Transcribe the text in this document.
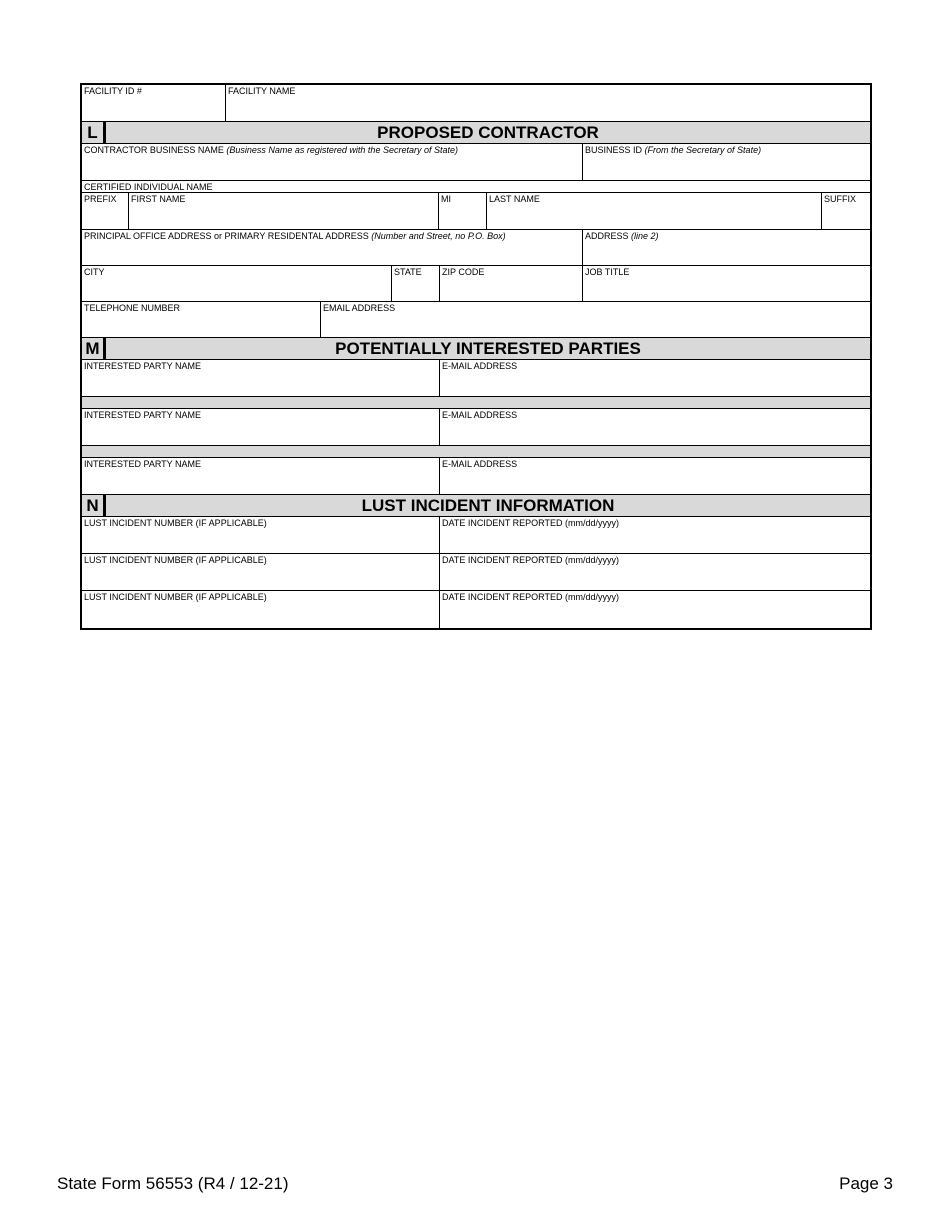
FACILITY ID #	FACILITY NAME
L	PROPOSED CONTRACTOR
CONTRACTOR BUSINESS NAME (Business Name as registered with the Secretary of State)	BUSINESS ID (From the Secretary of State)
CERTIFIED INDIVIDUAL NAME
PREFIX	FIRST NAME	MI	LAST NAME	SUFFIX
PRINCIPAL OFFICE ADDRESS or PRIMARY RESIDENTAL ADDRESS (Number and Street, no P.O. Box)	ADDRESS (line 2)
CITY	STATE	ZIP CODE	JOB TITLE
TELEPHONE NUMBER	EMAIL ADDRESS
M	POTENTIALLY INTERESTED PARTIES
INTERESTED PARTY NAME	E-MAIL ADDRESS
INTERESTED PARTY NAME	E-MAIL ADDRESS
INTERESTED PARTY NAME	E-MAIL ADDRESS
N	LUST INCIDENT INFORMATION
LUST INCIDENT NUMBER (IF APPLICABLE)	DATE INCIDENT REPORTED (mm/dd/yyyy)
LUST INCIDENT NUMBER (IF APPLICABLE)	DATE INCIDENT REPORTED (mm/dd/yyyy)
LUST INCIDENT NUMBER (IF APPLICABLE)	DATE INCIDENT REPORTED (mm/dd/yyyy)
State Form 56553 (R4 / 12-21)	Page 3
